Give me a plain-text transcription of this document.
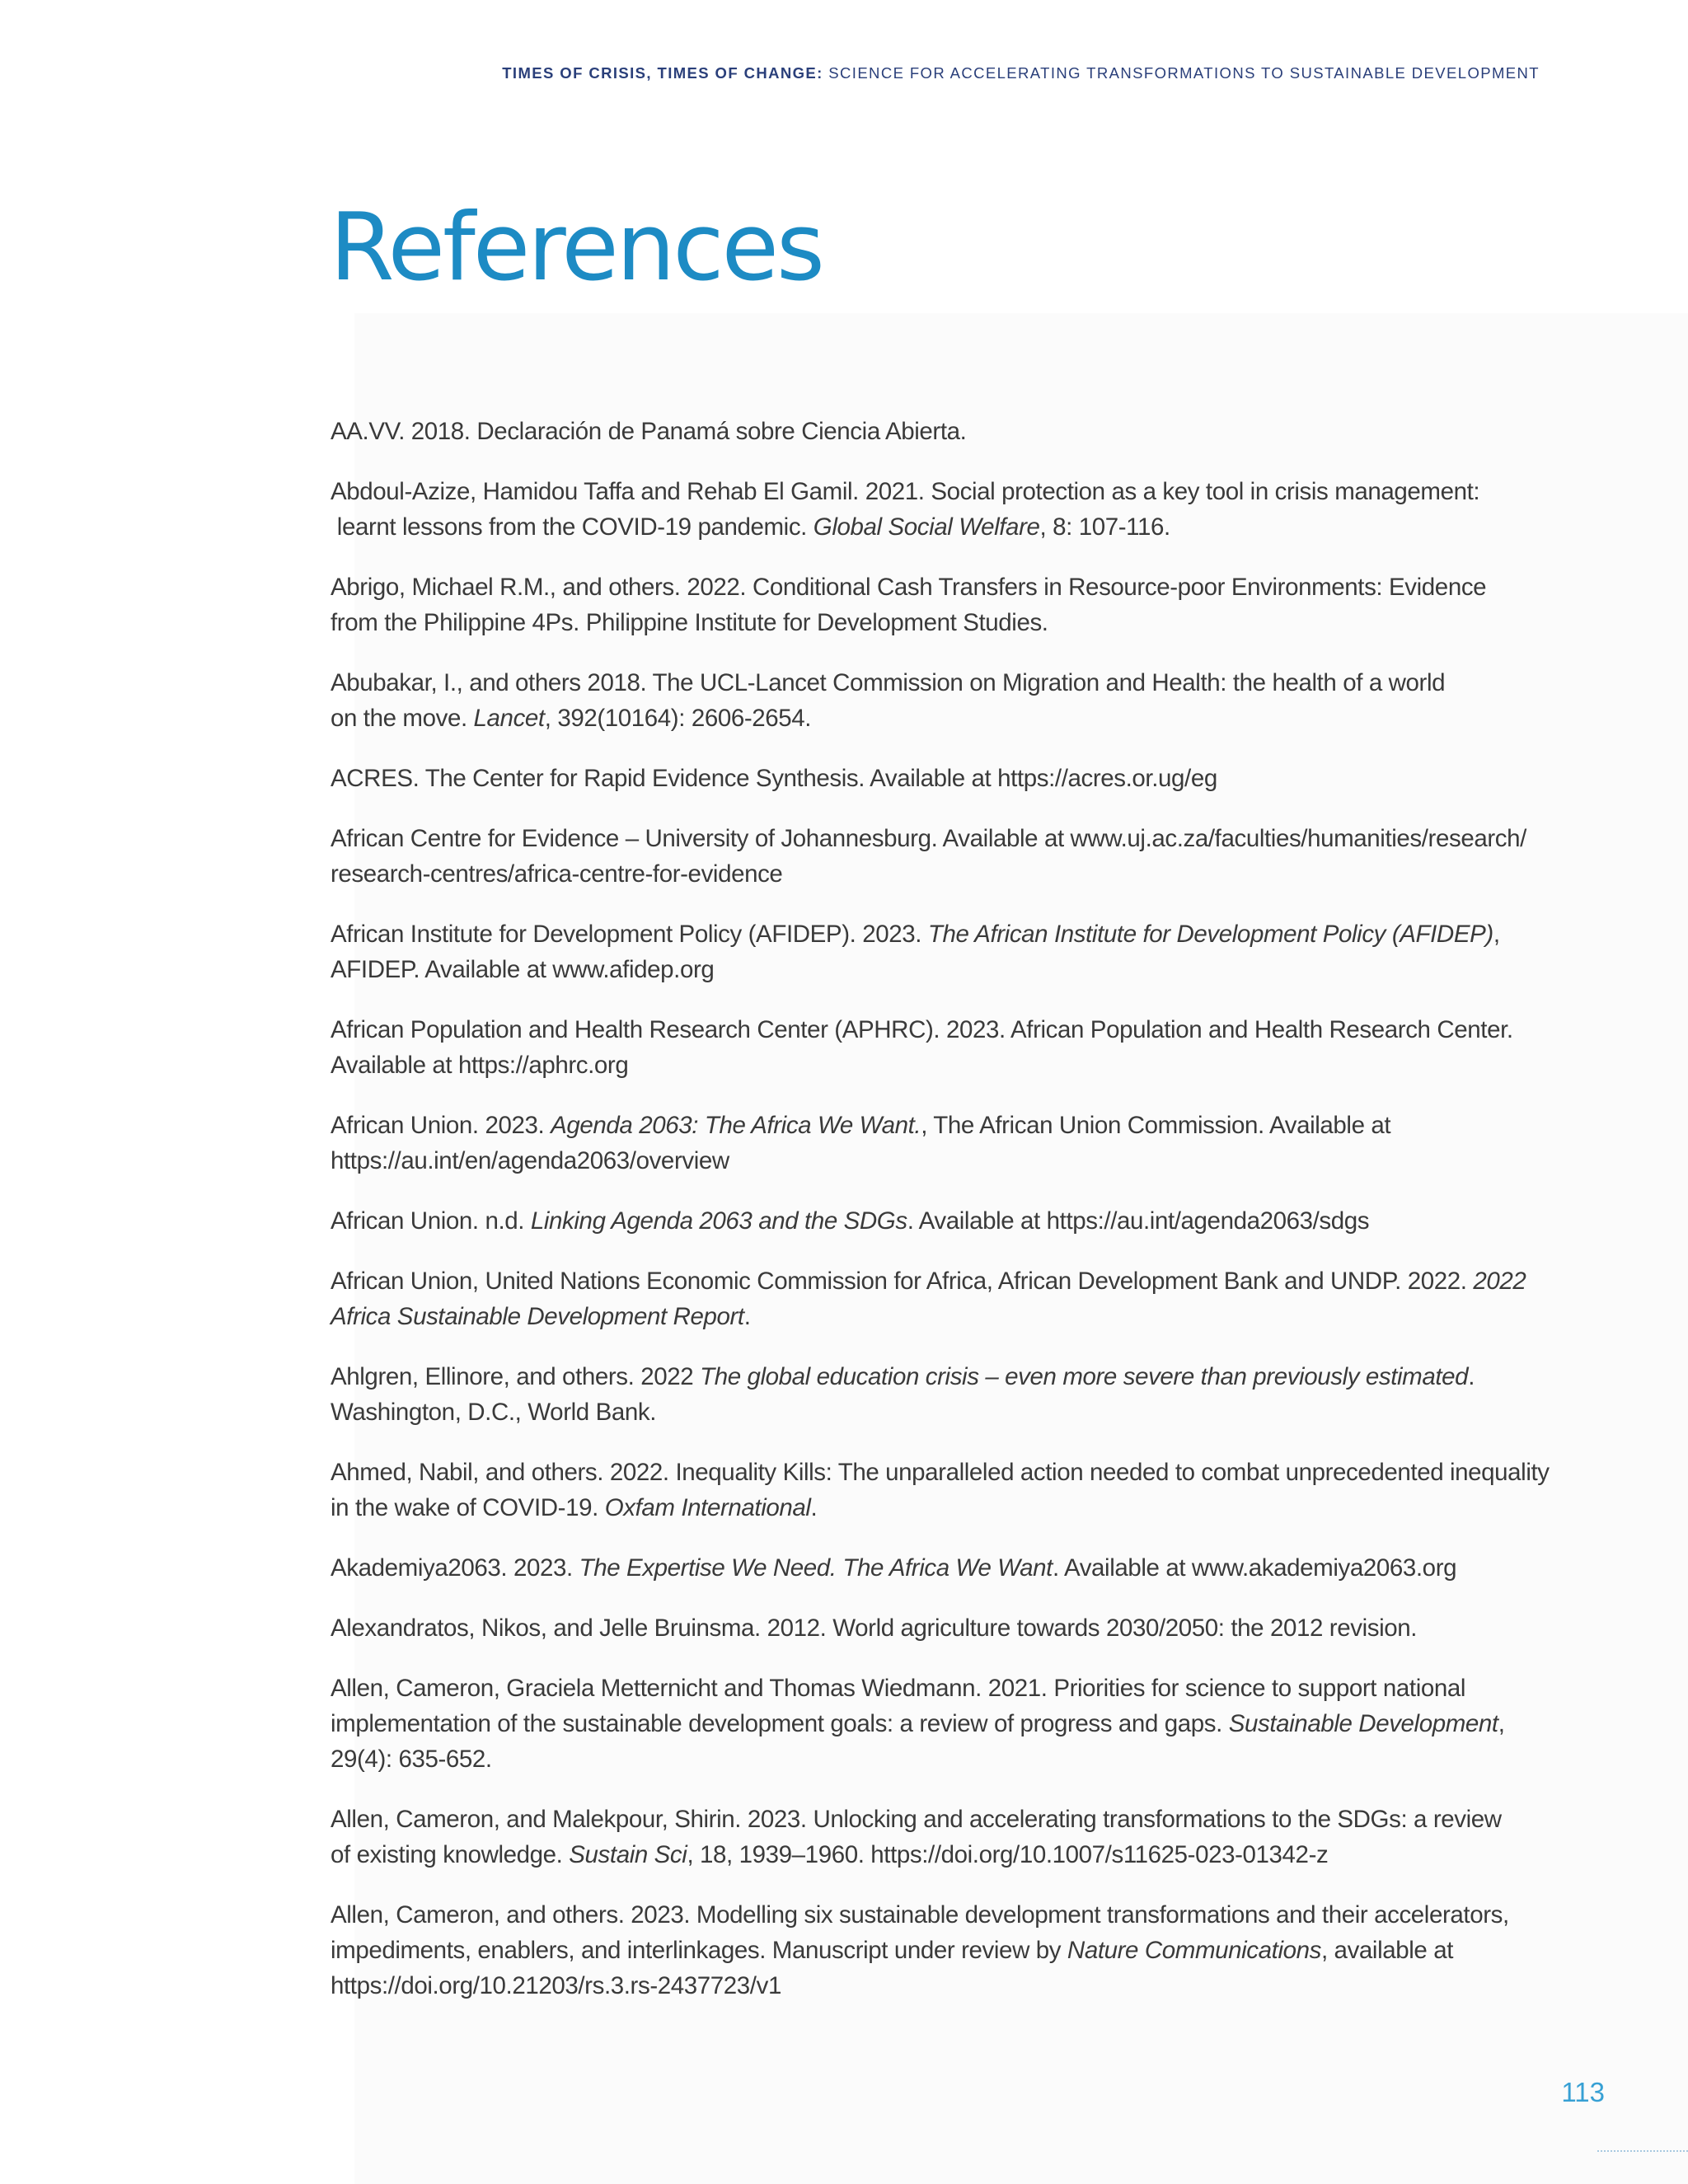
TIMES OF CRISIS, TIMES OF CHANGE: SCIENCE FOR ACCELERATING TRANSFORMATIONS TO SUSTAINABLE DEVELOPMENT
References
AA.VV. 2018. Declaración de Panamá sobre Ciencia Abierta.
Abdoul-Azize, Hamidou Taffa and Rehab El Gamil. 2021. Social protection as a key tool in crisis management:
learnt lessons from the COVID-19 pandemic. Global Social Welfare, 8: 107-116.
Abrigo, Michael R.M., and others. 2022. Conditional Cash Transfers in Resource-poor Environments: Evidence
from the Philippine 4Ps. Philippine Institute for Development Studies.
Abubakar, I., and others 2018. The UCL-Lancet Commission on Migration and Health: the health of a world
on the move. Lancet, 392(10164): 2606-2654.
ACRES. The Center for Rapid Evidence Synthesis. Available at https://acres.or.ug/eg
African Centre for Evidence – University of Johannesburg. Available at www.uj.ac.za/faculties/humanities/research/
research-centres/africa-centre-for-evidence
African Institute for Development Policy (AFIDEP). 2023. The African Institute for Development Policy (AFIDEP),
AFIDEP. Available at www.afidep.org
African Population and Health Research Center (APHRC). 2023. African Population and Health Research Center.
Available at https://aphrc.org
African Union. 2023. Agenda 2063: The Africa We Want., The African Union Commission. Available at
https://au.int/en/agenda2063/overview
African Union. n.d. Linking Agenda 2063 and the SDGs. Available at https://au.int/agenda2063/sdgs
African Union, United Nations Economic Commission for Africa, African Development Bank and UNDP. 2022. 2022
Africa Sustainable Development Report.
Ahlgren, Ellinore, and others. 2022 The global education crisis – even more severe than previously estimated.
Washington, D.C., World Bank.
Ahmed, Nabil, and others. 2022. Inequality Kills: The unparalleled action needed to combat unprecedented inequality
in the wake of COVID-19. Oxfam International.
Akademiya2063. 2023. The Expertise We Need. The Africa We Want. Available at www.akademiya2063.org
Alexandratos, Nikos, and Jelle Bruinsma. 2012. World agriculture towards 2030/2050: the 2012 revision.
Allen, Cameron, Graciela Metternicht and Thomas Wiedmann. 2021. Priorities for science to support national
implementation of the sustainable development goals: a review of progress and gaps. Sustainable Development,
29(4): 635-652.
Allen, Cameron, and Malekpour, Shirin. 2023. Unlocking and accelerating transformations to the SDGs: a review
of existing knowledge. Sustain Sci, 18, 1939–1960. https://doi.org/10.1007/s11625-023-01342-z
Allen, Cameron, and others. 2023. Modelling six sustainable development transformations and their accelerators,
impediments, enablers, and interlinkages. Manuscript under review by Nature Communications, available at
https://doi.org/10.21203/rs.3.rs-2437723/v1
113
